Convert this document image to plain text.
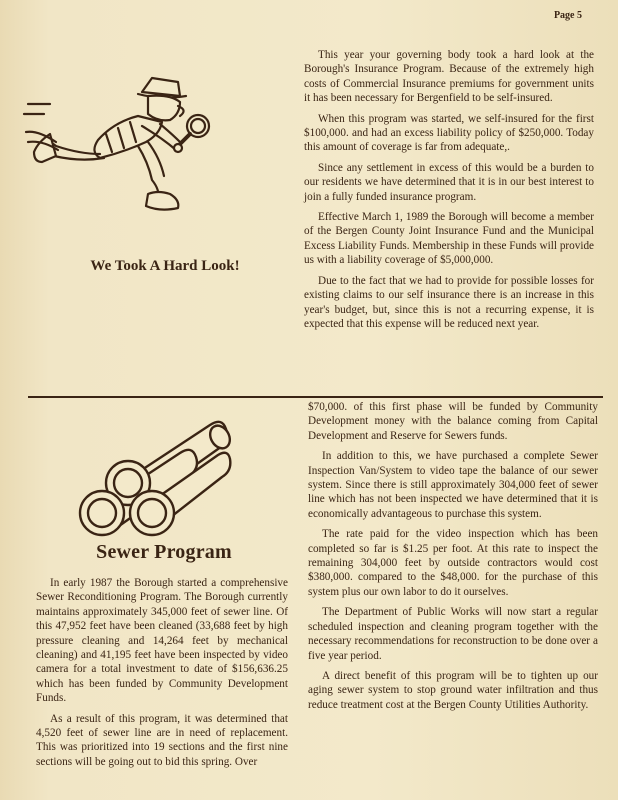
Page 5
We Took A Hard Look!

This year your governing body took a hard look at the Borough's Insurance Program. Because of the extremely high costs of Commercial Insurance premiums for government units it has been necessary for Bergenfield to be self-insured.

When this program was started, we self-insured for the first $100,000. and had an excess liability policy of $250,000. Today this amount of coverage is far from adequate,.

Since any settlement in excess of this would be a burden to our residents we have determined that it is in our best interest to join a fully funded insurance program.

Effective March 1, 1989 the Borough will become a member of the Bergen County Joint Insurance Fund and the Municipal Excess Liability Funds. Membership in these Funds will provide us with a liability coverage of $5,000,000.

Due to the fact that we had to provide for possible losses for existing claims to our self insurance there is an increase in this year's budget, but, since this is not a recurring expense, it is expected that this expense will be reduced next year.

Sewer Program

In early 1987 the Borough started a comprehensive Sewer Reconditioning Program. The Borough currently maintains approximately 345,000 feet of sewer line. Of this 47,952 feet have been cleaned (33,688 feet by high pressure cleaning and 14,264 feet by mechanical cleaning) and 41,195 feet have been inspected by video camera for a total investment to date of $156,636.25 which has been funded by Community Development Funds.

As a result of this program, it was determined that 4,520 feet of sewer line are in need of replacement. This was prioritized into 19 sections and the first nine sections will be going out to bid this spring. Over

$70,000. of this first phase will be funded by Community Development money with the balance coming from Capital Development and Reserve for Sewers funds.

In addition to this, we have purchased a complete Sewer Inspection Van/System to video tape the balance of our sewer system. Since there is still approximately 304,000 feet of sewer line which has not been inspected we have determined that it is economically advantageous to purchase this system.

The rate paid for the video inspection which has been completed so far is $1.25 per foot. At this rate to inspect the remaining 304,000 feet by outside contractors would cost $380,000. compared to the $48,000. for the purchase of this system plus our own labor to do it ourselves.

The Department of Public Works will now start a regular scheduled inspection and cleaning program together with the necessary recommendations for reconstruction to be done over a five year period.

A direct benefit of this program will be to tighten up our aging sewer system to stop ground water infiltration and thus reduce treatment cost at the Bergen County Utilities Authority.
